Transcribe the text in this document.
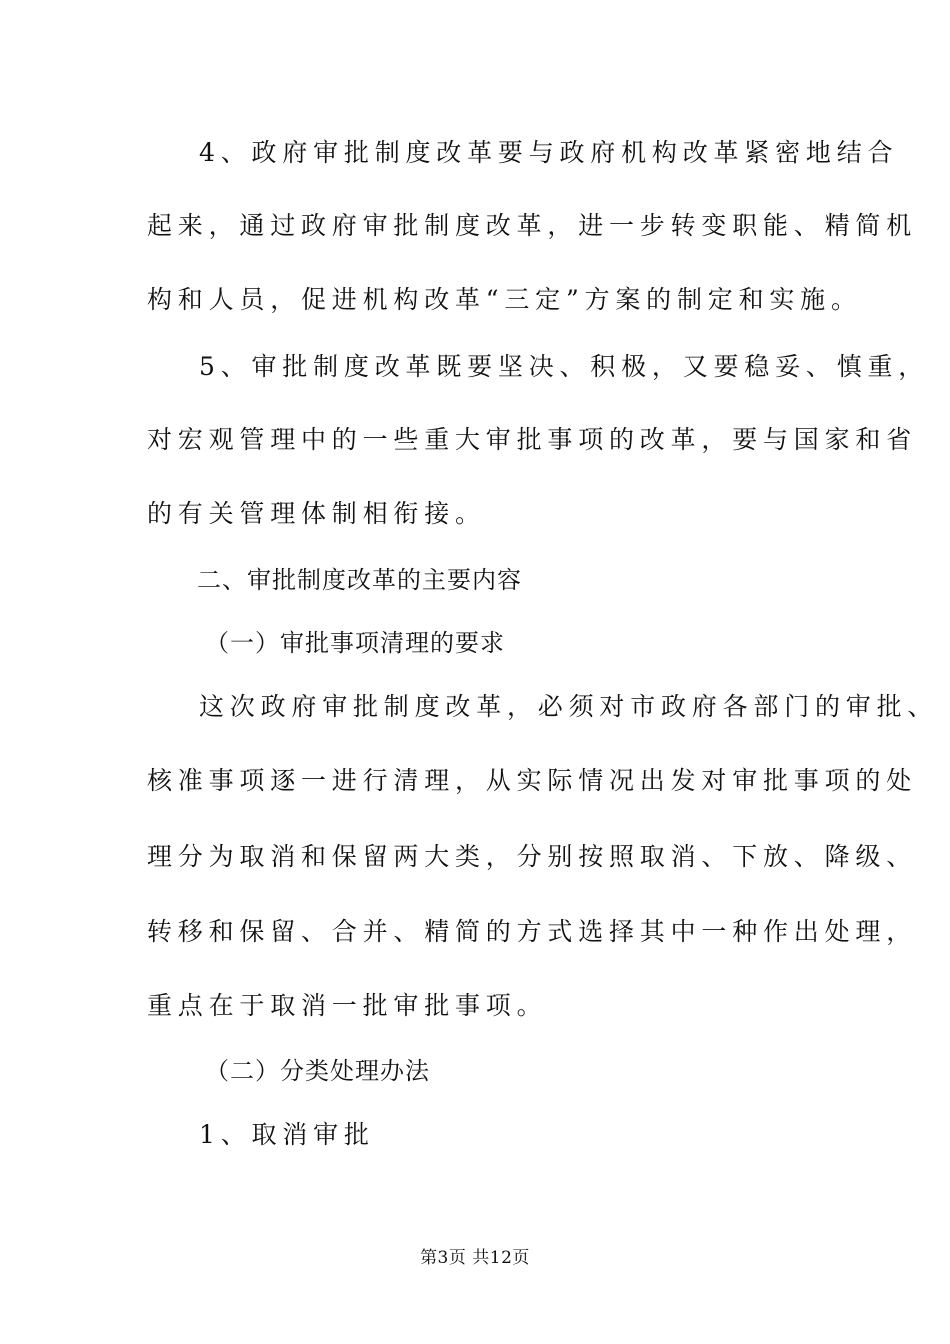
4、政府审批制度改革要与政府机构改革紧密地结合
起来，通过政府审批制度改革，进一步转变职能、精简机
构和人员，促进机构改革“三定”方案的制定和实施。
5、审批制度改革既要坚决、积极，又要稳妥、慎重，
对宏观管理中的一些重大审批事项的改革，要与国家和省
的有关管理体制相衔接。
二、审批制度改革的主要内容
（一）审批事项清理的要求
这次政府审批制度改革，必须对市政府各部门的审批、
核准事项逐一进行清理，从实际情况出发对审批事项的处
理分为取消和保留两大类，分别按照取消、下放、降级、
转移和保留、合并、精简的方式选择其中一种作出处理，
重点在于取消一批审批事项。
（二）分类处理办法
1、取消审批
第3页 共12页
